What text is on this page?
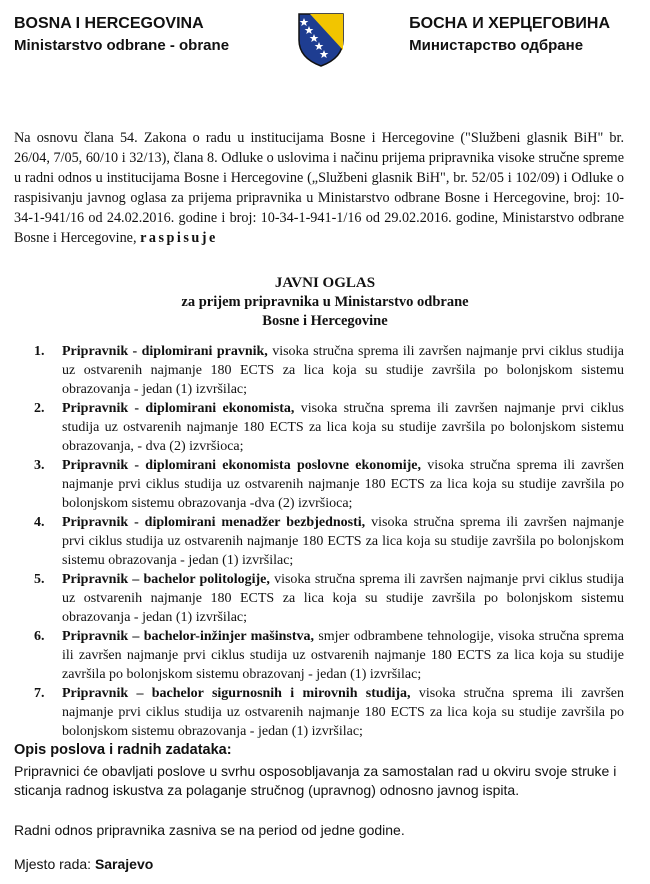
BOSNA I HERCEGOVINA
Ministarstvo odbrane - obrane
БОСНА И ХЕРЦЕГОВИНА
Министарство одбране
Na osnovu člana 54. Zakona o radu u institucijama Bosne i Hercegovine ("Službeni glasnik BiH" br. 26/04, 7/05, 60/10 i 32/13), člana 8. Odluke o uslovima i načinu prijema pripravnika visoke stručne spreme u radni odnos u institucijama Bosne i Hercegovine („Službeni glasnik BiH", br. 52/05 i 102/09) i Odluke o raspisivanju javnog oglasa za prijema pripravnika u Ministarstvo odbrane Bosne i Hercegovine, broj: 10-34-1-941/16 od 24.02.2016. godine i broj: 10-34-1-941-1/16 od 29.02.2016. godine, Ministarstvo odbrane Bosne i Hercegovine, raspisuje
JAVNI OGLAS
za prijem pripravnika u Ministarstvo odbrane
Bosne i Hercegovine
1.	Pripravnik - diplomirani pravnik, visoka stručna sprema ili završen najmanje prvi ciklus studija uz ostvarenih najmanje 180 ECTS za lica koja su studije završila po bolonjskom sistemu obrazovanja - jedan (1) izvršilac;
2.	Pripravnik - diplomirani ekonomista, visoka stručna sprema ili završen najmanje prvi ciklus studija uz ostvarenih najmanje 180 ECTS za lica koja su studije završila po bolonjskom sistemu obrazovanja, - dva (2) izvršioca;
3.	Pripravnik - diplomirani ekonomista poslovne ekonomije, visoka stručna sprema ili završen najmanje prvi ciklus studija uz ostvarenih najmanje 180 ECTS za lica koja su studije završila po bolonjskom sistemu obrazovanja -dva (2) izvršioca;
4.	Pripravnik - diplomirani menadžer bezbjednosti, visoka stručna sprema ili završen najmanje prvi ciklus studija uz ostvarenih najmanje 180 ECTS za lica koja su studije završila po bolonjskom sistemu obrazovanja - jedan (1) izvršilac;
5.	Pripravnik – bachelor politologije, visoka stručna sprema ili završen najmanje prvi ciklus studija uz ostvarenih najmanje 180 ECTS za lica koja su studije završila po bolonjskom sistemu obrazovanja - jedan (1) izvršilac;
6.	Pripravnik – bachelor-inžinjer mašinstva, smjer odbrambene tehnologije, visoka stručna sprema ili završen najmanje prvi ciklus studija uz ostvarenih najmanje 180 ECTS za lica koja su studije završila po bolonjskom sistemu obrazovanj - jedan (1) izvršilac;
7.	Pripravnik – bachelor sigurnosnih i mirovnih studija, visoka stručna sprema ili završen najmanje prvi ciklus studija uz ostvarenih najmanje 180 ECTS za lica koja su studije završila po bolonjskom sistemu obrazovanja - jedan (1) izvršilac;
Opis poslova i radnih zadataka:
Pripravnici će obavljati poslove u svrhu osposobljavanja za samostalan rad u okviru svoje struke i sticanja radnog iskustva za polaganje stručnog (upravnog) odnosno javnog ispita.
Radni odnos pripravnika zasniva se na period od jedne godine.
Mjesto rada: Sarajevo
